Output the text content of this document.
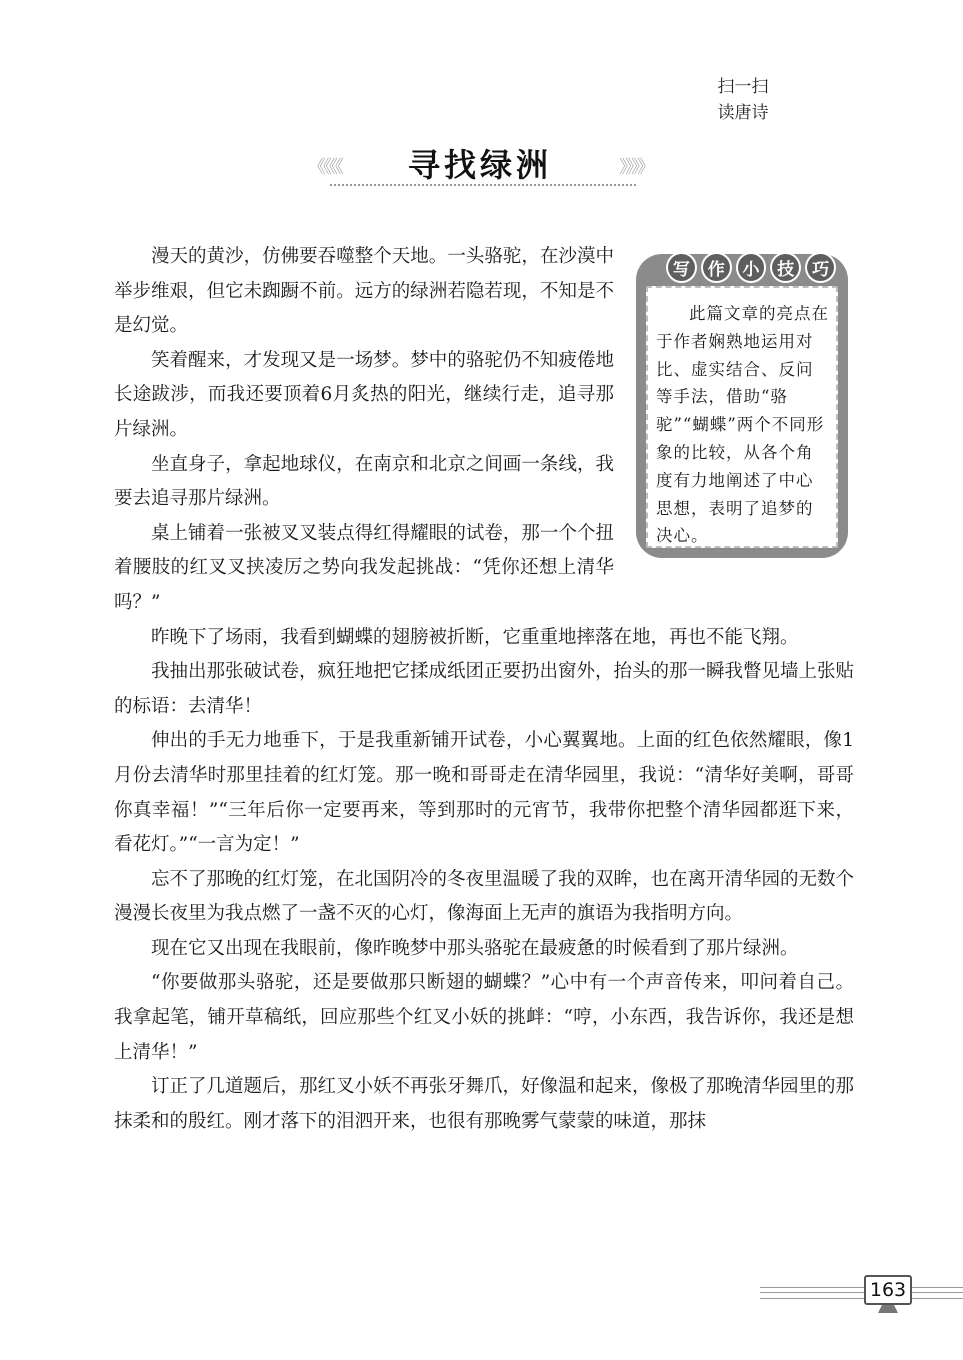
扫一扫
读唐诗
《《《《	寻找绿洲	》》》》
写	作	小	技	巧
此篇文章的亮点在于作者娴熟地运用对比、虚实结合、反问等手法，借助“骆驼”“蝴蝶”两个不同形象的比较，从各个角度有力地阐述了中心思想，表明了追梦的决心。

漫天的黄沙，仿佛要吞噬整个天地。一头骆驼，在沙漠中举步维艰，但它未踟蹰不前。远方的绿洲若隐若现，不知是不是幻觉。

笑着醒来，才发现又是一场梦。梦中的骆驼仍不知疲倦地长途跋涉，而我还要顶着6月炙热的阳光，继续行走，追寻那片绿洲。

坐直身子，拿起地球仪，在南京和北京之间画一条线，我要去追寻那片绿洲。

桌上铺着一张被叉叉装点得红得耀眼的试卷，那一个个扭着腰肢的红叉叉挟凌厉之势向我发起挑战：“凭你还想上清华吗？”

昨晚下了场雨，我看到蝴蝶的翅膀被折断，它重重地摔落在地，再也不能飞翔。

我抽出那张破试卷，疯狂地把它揉成纸团正要扔出窗外，抬头的那一瞬我瞥见墙上张贴的标语：去清华！

伸出的手无力地垂下，于是我重新铺开试卷，小心翼翼地。上面的红色依然耀眼，像1月份去清华时那里挂着的红灯笼。那一晚和哥哥走在清华园里，我说：“清华好美啊，哥哥你真幸福！”“三年后你一定要再来，等到那时的元宵节，我带你把整个清华园都逛下来，看花灯。”“一言为定！”

忘不了那晚的红灯笼，在北国阴冷的冬夜里温暖了我的双眸，也在离开清华园的无数个漫漫长夜里为我点燃了一盏不灭的心灯，像海面上无声的旗语为我指明方向。

现在它又出现在我眼前，像昨晚梦中那头骆驼在最疲惫的时候看到了那片绿洲。

“你要做那头骆驼，还是要做那只断翅的蝴蝶？”心中有一个声音传来，叩问着自己。我拿起笔，铺开草稿纸，回应那些个红叉小妖的挑衅：“哼，小东西，我告诉你，我还是想上清华！”

订正了几道题后，那红叉小妖不再张牙舞爪，好像温和起来，像极了那晚清华园里的那抹柔和的殷红。刚才落下的泪泗开来，也很有那晚雾气蒙蒙的味道，那抹

163
